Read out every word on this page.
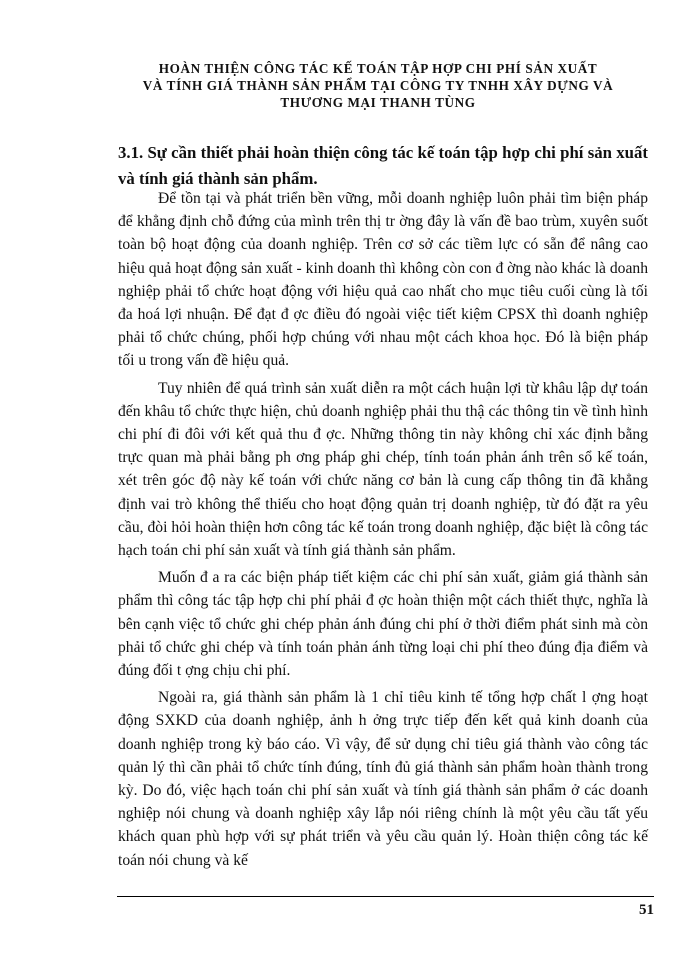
HOÀN THIỆN CÔNG TÁC KẾ TOÁN TẬP HỢP CHI PHÍ SẢN XUẤT
VÀ TÍNH GIÁ THÀNH SẢN PHẨM TẠI CÔNG TY TNHH XÂY DỰNG VÀ
THƯƠNG MẠI THANH TÙNG
3.1. Sự cần thiết phải hoàn thiện công tác kế toán tập hợp chi phí sản xuất và tính giá thành sản phẩm.

Để tồn tại và phát triển bền vững, mỗi doanh nghiệp luôn phải tìm biện pháp để khẳng định chỗ đứng của mình trên thị tr ờng đây là vấn đề bao trùm, xuyên suốt toàn bộ hoạt động của doanh nghiệp. Trên cơ sở các tiềm lực có sẵn để nâng cao hiệu quả hoạt động sản xuất - kinh doanh thì không còn con đ ờng nào khác là doanh nghiệp phải tổ chức hoạt động với hiệu quả cao nhất cho mục tiêu cuối cùng là tối đa hoá lợi nhuận. Để đạt đ ợc điều đó ngoài việc tiết kiệm CPSX thì doanh nghiệp phải tổ chức chúng, phối hợp chúng với nhau một cách khoa học. Đó là biện pháp tối u trong vấn đề hiệu quả.

Tuy nhiên để quá trình sản xuất diễn ra một cách huận lợi từ khâu lập dự toán đến khâu tổ chức thực hiện, chủ doanh nghiệp phải thu thậ các thông tin về tình hình chi phí đi đôi với kết quả thu đ ợc. Những thông tin này không chỉ xác định bằng trực quan mà phải bằng ph ơng pháp ghi chép, tính toán phản ánh trên sổ kế toán, xét trên góc độ này kế toán với chức năng cơ bản là cung cấp thông tin đã khẳng định vai trò không thể thiếu cho hoạt động quản trị doanh nghiệp, từ đó đặt ra yêu cầu, đòi hỏi hoàn thiện hơn công tác kế toán trong doanh nghiệp, đặc biệt là công tác hạch toán chi phí sản xuất và tính giá thành sản phẩm.

Muốn đ a ra các biện pháp tiết kiệm các chi phí sản xuất, giảm giá thành sản phẩm thì công tác tập hợp chi phí phải đ ợc hoàn thiện một cách thiết thực, nghĩa là bên cạnh việc tổ chức ghi chép phản ánh đúng chi phí ở thời điểm phát sinh mà còn phải tổ chức ghi chép và tính toán phản ánh từng loại chi phí theo đúng địa điểm và đúng đối t ợng chịu chi phí.

Ngoài ra, giá thành sản phẩm là 1 chỉ tiêu kinh tế tổng hợp chất l ợng hoạt động SXKD của doanh nghiệp, ảnh h ởng trực tiếp đến kết quả kinh doanh của doanh nghiệp trong kỳ báo cáo. Vì vậy, để sử dụng chỉ tiêu giá thành vào công tác quản lý thì cần phải tổ chức tính đúng, tính đủ giá thành sản phẩm hoàn thành trong kỳ. Do đó, việc hạch toán chi phí sản xuất và tính giá thành sản phẩm ở các doanh nghiệp nói chung và doanh nghiệp xây lắp nói riêng chính là một yêu cầu tất yếu khách quan phù hợp với sự phát triển và yêu cầu quản lý. Hoàn thiện công tác kế toán nói chung và kế

51
